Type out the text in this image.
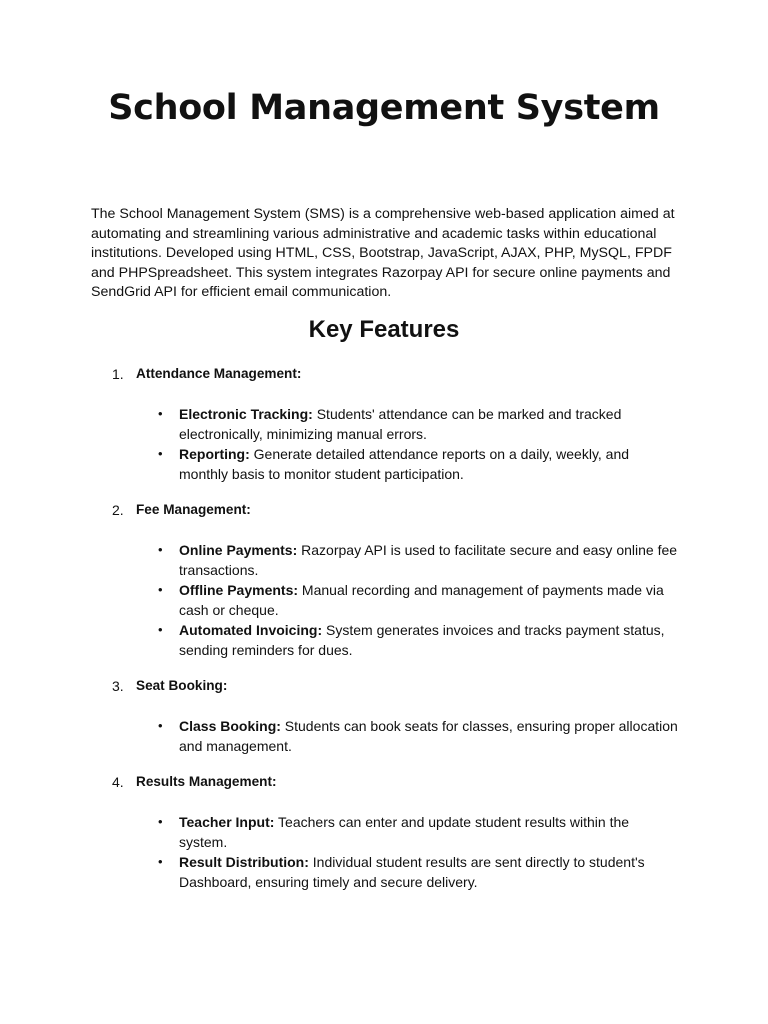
School Management System

The School Management System (SMS) is a comprehensive web-based application aimed at automating and streamlining various administrative and academic tasks within educational institutions. Developed using HTML, CSS, Bootstrap, JavaScript, AJAX, PHP, MySQL, FPDF and PHPSpreadsheet. This system integrates Razorpay API for secure online payments and SendGrid API for efficient email communication.

Key Features
1. Attendance Management:
• Electronic Tracking: Students' attendance can be marked and tracked electronically, minimizing manual errors.
• Reporting: Generate detailed attendance reports on a daily, weekly, and monthly basis to monitor student participation.
2. Fee Management:
• Online Payments: Razorpay API is used to facilitate secure and easy online fee transactions.
• Offline Payments: Manual recording and management of payments made via cash or cheque.
• Automated Invoicing: System generates invoices and tracks payment status, sending reminders for dues.
3. Seat Booking:
• Class Booking: Students can book seats for classes, ensuring proper allocation and management.
4. Results Management:
• Teacher Input: Teachers can enter and update student results within the system.
• Result Distribution: Individual student results are sent directly to student's Dashboard, ensuring timely and secure delivery.
